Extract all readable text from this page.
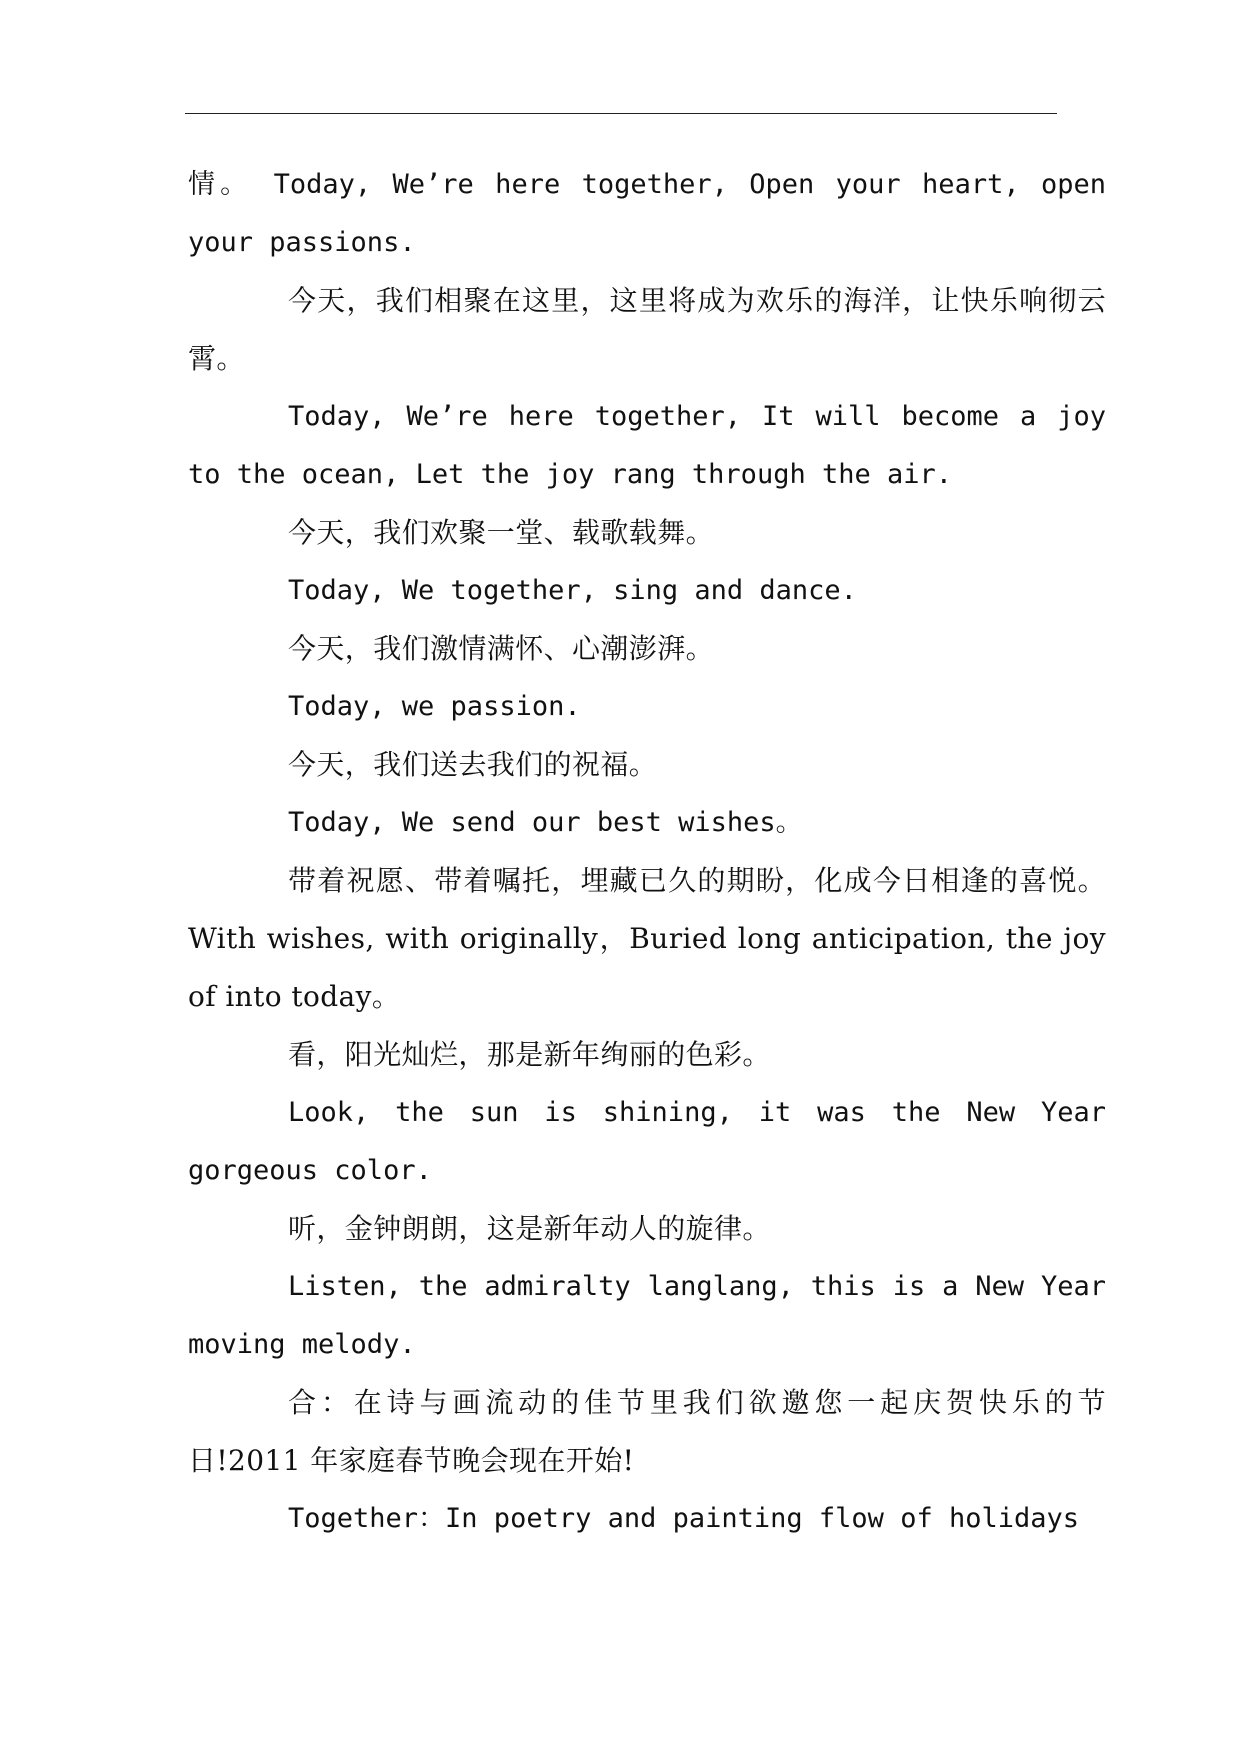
情。 Today, We’re here together, Open your heart, open your passions.

今天，我们相聚在这里，这里将成为欢乐的海洋，让快乐响彻云霄。

Today, We’re here together, It will become a joy to the ocean, Let the joy rang through the air.

今天，我们欢聚一堂、载歌载舞。

Today, We together, sing and dance.

今天，我们激情满怀、心潮澎湃。

Today, we passion.

今天，我们送去我们的祝福。

Today, We send our best wishes。

带着祝愿、带着嘱托，埋藏已久的期盼，化成今日相逢的喜悦。 With wishes, with originally，Buried long anticipation, the joy of into today。

看，阳光灿烂，那是新年绚丽的色彩。

Look, the sun is shining, it was the New Year gorgeous color.

听，金钟朗朗，这是新年动人的旋律。

Listen, the admiralty langlang, this is a New Year moving melody.

合：在诗与画流动的佳节里我们欲邀您一起庆贺快乐的节日!2011 年家庭春节晚会现在开始!

Together：In poetry and painting flow of holidays
